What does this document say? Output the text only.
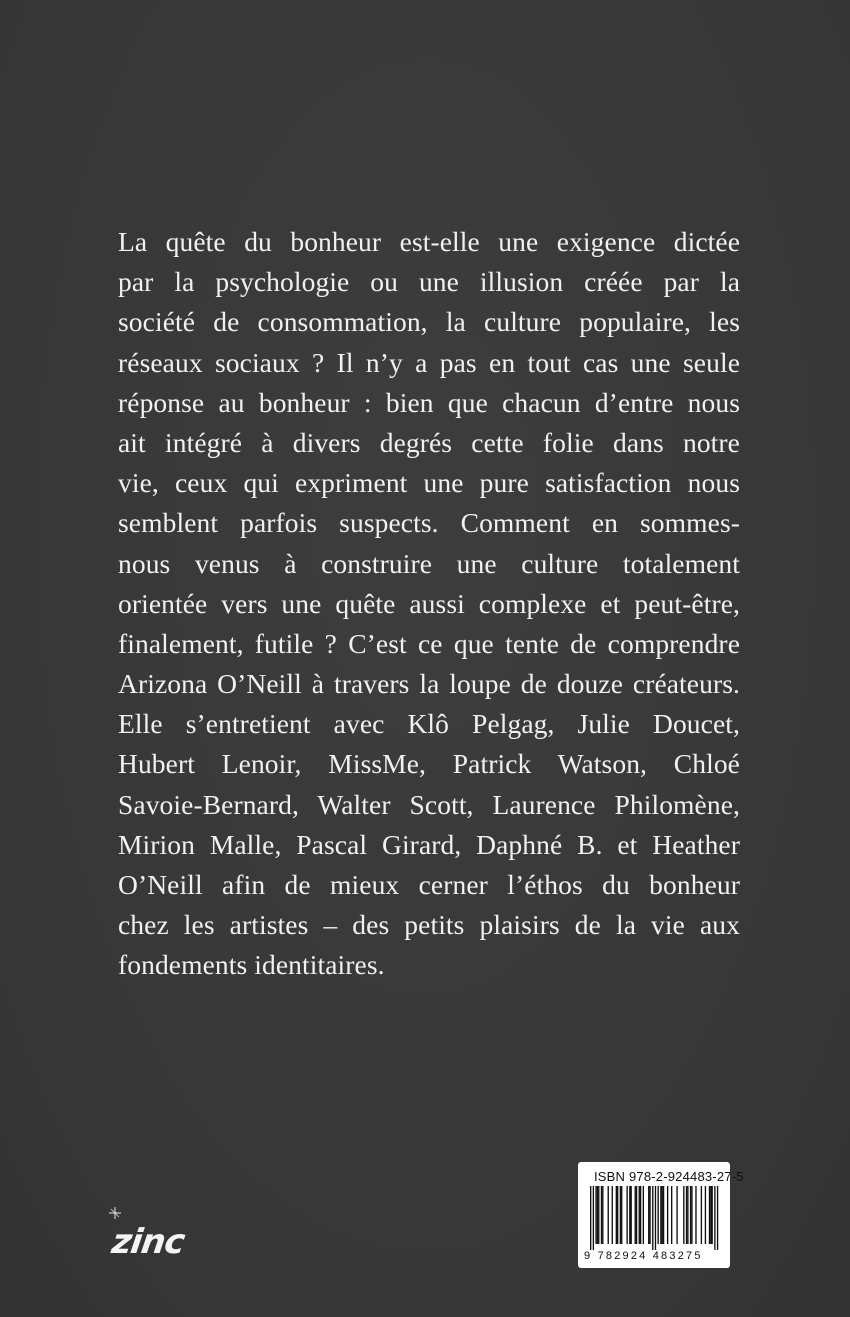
La quête du bonheur est-elle une exigence dictée
par la psychologie ou une illusion créée par la
société de consommation, la culture populaire, les
réseaux sociaux ? Il n’y a pas en tout cas une seule
réponse au bonheur : bien que chacun d’entre nous
ait intégré à divers degrés cette folie dans notre
vie, ceux qui expriment une pure satisfaction nous
semblent parfois suspects. Comment en sommes-
nous venus à construire une culture totalement
orientée vers une quête aussi complexe et peut-être,
finalement, futile ? C’est ce que tente de comprendre
Arizona O’Neill à travers la loupe de douze créateurs.
Elle s’entretient avec Klô Pelgag, Julie Doucet,
Hubert Lenoir, MissMe, Patrick Watson, Chloé
Savoie-Bernard, Walter Scott, Laurence Philomène,
Mirion Malle, Pascal Girard, Daphné B. et Heather
O’Neill afin de mieux cerner l’éthos du bonheur
chez les artistes – des petits plaisirs de la vie aux
fondements identitaires.
zinc
ISBN 978-2-924483-27-5
9 782924 483275
